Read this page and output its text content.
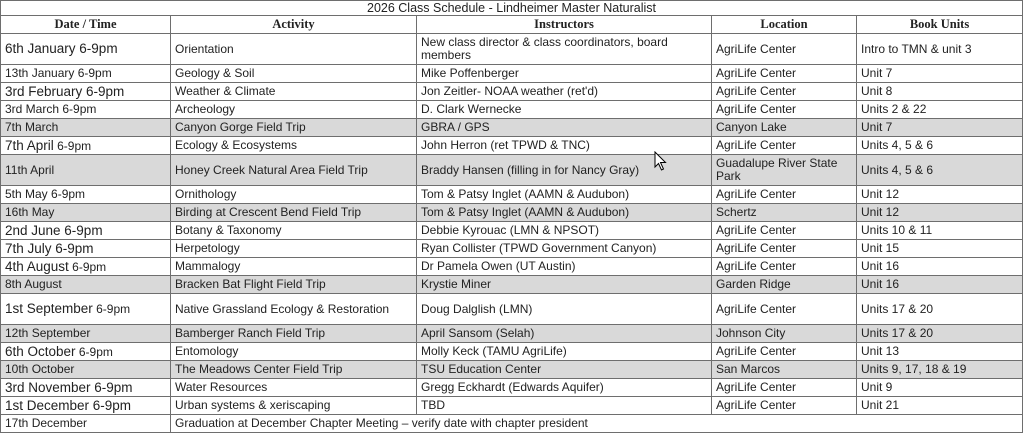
2026 Class Schedule - Lindheimer Master Naturalist				
Date / Time	Activity	Instructors	Location	Book Units
6th January 6-9pm	Orientation	New class director & class coordinators, board members	AgriLife Center	Intro to TMN & unit 3
13th January 6-9pm	Geology & Soil	Mike Poffenberger	AgriLife Center	Unit 7
3rd February 6-9pm	Weather & Climate	Jon Zeitler- NOAA weather (ret'd)	AgriLife Center	Unit 8
3rd March 6-9pm	Archeology	D. Clark Wernecke	AgriLife Center	Units 2 & 22
7th March	Canyon Gorge Field Trip	GBRA / GPS	Canyon Lake	Unit 7
7th April 6-9pm	Ecology & Ecosystems	John Herron (ret TPWD & TNC)	AgriLife Center	Units 4, 5 & 6
11th April	Honey Creek Natural Area Field Trip	Braddy Hansen (filling in for Nancy Gray)	Guadalupe River State Park	Units 4, 5 & 6
5th May 6-9pm	Ornithology	Tom & Patsy Inglet (AAMN & Audubon)	AgriLife Center	Unit 12
16th May	Birding at Crescent Bend Field Trip	Tom & Patsy Inglet (AAMN & Audubon)	Schertz	Unit 12
2nd June 6-9pm	Botany & Taxonomy	Debbie Kyrouac (LMN & NPSOT)	AgriLife Center	Units 10 & 11
7th July 6-9pm	Herpetology	Ryan Collister (TPWD Government Canyon)	AgriLife Center	Unit 15
4th August 6-9pm	Mammalogy	Dr Pamela Owen (UT Austin)	AgriLife Center	Unit 16
8th August	Bracken Bat Flight Field Trip	Krystie Miner	Garden Ridge	Unit 16
1st September 6-9pm	Native Grassland Ecology & Restoration	Doug Dalglish (LMN)	AgriLife Center	Units 17 & 20
12th September	Bamberger Ranch Field Trip	April Sansom (Selah)	Johnson City	Units 17 & 20
6th October 6-9pm	Entomology	Molly Keck (TAMU AgriLife)	AgriLife Center	Unit 13
10th October	The Meadows Center Field Trip	TSU Education Center	San Marcos	Units 9, 17, 18 & 19
3rd November 6-9pm	Water Resources	Gregg Eckhardt (Edwards Aquifer)	AgriLife Center	Unit 9
1st December 6-9pm	Urban systems & xeriscaping	TBD	AgriLife Center	Unit 21
17th December	Graduation at December Chapter Meeting – verify date with chapter president			
